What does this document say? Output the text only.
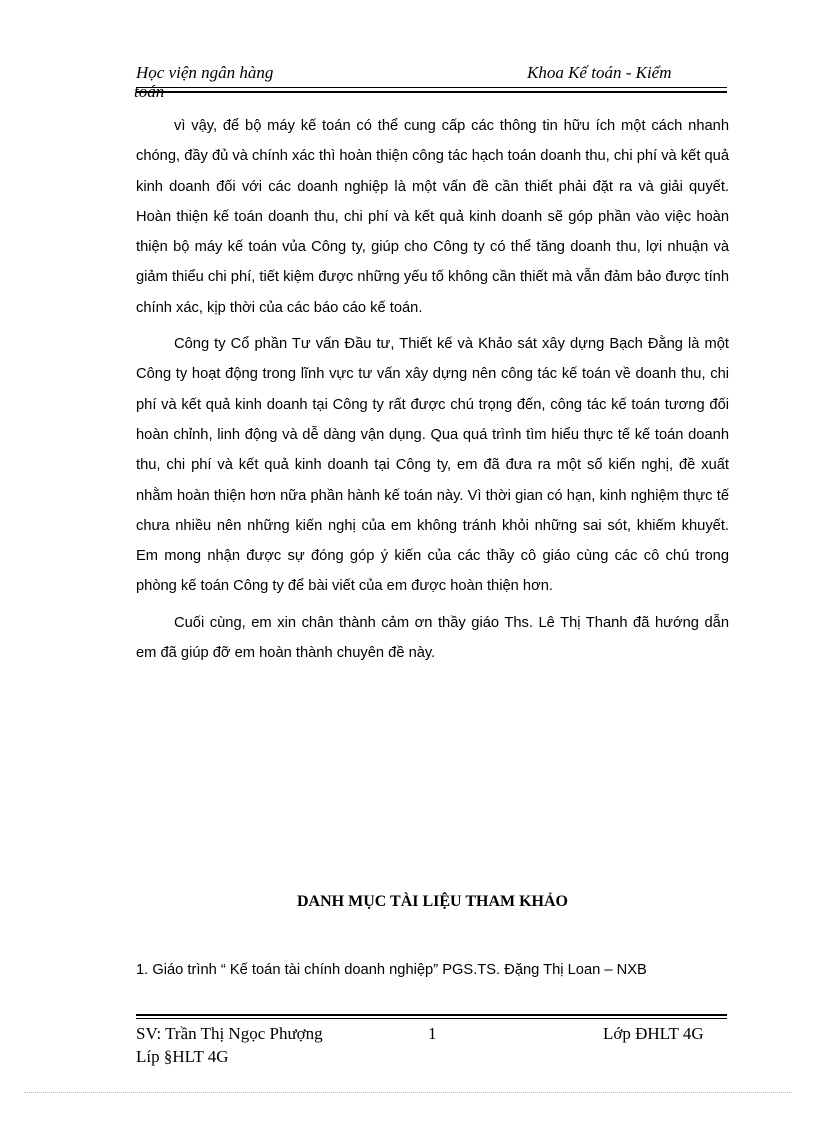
Học viện ngân hàng	Khoa Kế toán - Kiểm
toán

vì vậy, để bộ máy kế toán có thể cung cấp các thông tin hữu ích một cách nhanh chóng, đầy đủ và chính xác thì hoàn thiện công tác hạch toán doanh thu, chi phí và kết quả kinh doanh đối với các doanh nghiệp là một vấn đề cần thiết phải đặt ra và giải quyết. Hoàn thiện kế toán doanh thu, chi phí và kết quả kinh doanh sẽ góp phần vào việc hoàn thiện bộ máy kế toán vủa Công ty, giúp cho Công ty có thể tăng doanh thu, lợi nhuận và giảm thiểu chi phí, tiết kiệm được những yếu tố không cần thiết mà vẫn đảm bảo được tính chính xác, kịp thời của các báo cáo kế toán.

Công ty Cổ phần Tư vấn Đầu tư, Thiết kế và Khảo sát xây dựng Bạch Đằng là một Công ty hoạt động trong lĩnh vực tư vấn xây dựng nên công tác kế toán về doanh thu, chi phí và kết quả kinh doanh tại Công ty rất được chú trọng đến, công tác kế toán tương đối hoàn chỉnh, linh động và dễ dàng vận dụng. Qua quá trình tìm hiểu thực tế kế toán doanh thu, chi phí và kết quả kinh doanh tại Công ty, em đã đưa ra một số kiến nghị, đề xuất nhằm hoàn thiện hơn nữa phần hành kế toán này. Vì thời gian có hạn, kinh nghiệm thực tế chưa nhiều nên những kiến nghị của em không tránh khỏi những sai sót, khiếm khuyết. Em mong nhận được sự đóng góp ý kiến của các thầy cô giáo cùng các cô chú trong phòng kế toán Công ty để bài viết của em được hoàn thiện hơn.

Cuối cùng, em xin chân thành cảm ơn thầy giáo Ths. Lê Thị Thanh đã hướng dẫn em đã giúp đỡ em hoàn thành chuyên đề này.

DANH MỤC TÀI LIỆU THAM KHẢO
1. Giáo trình “ Kế toán tài chính doanh nghiệp” PGS.TS. Đặng Thị Loan – NXB
SV: Trần Thị Ngọc Phượng	1	Lớp ĐHLT 4G
Líp §HLT 4G
